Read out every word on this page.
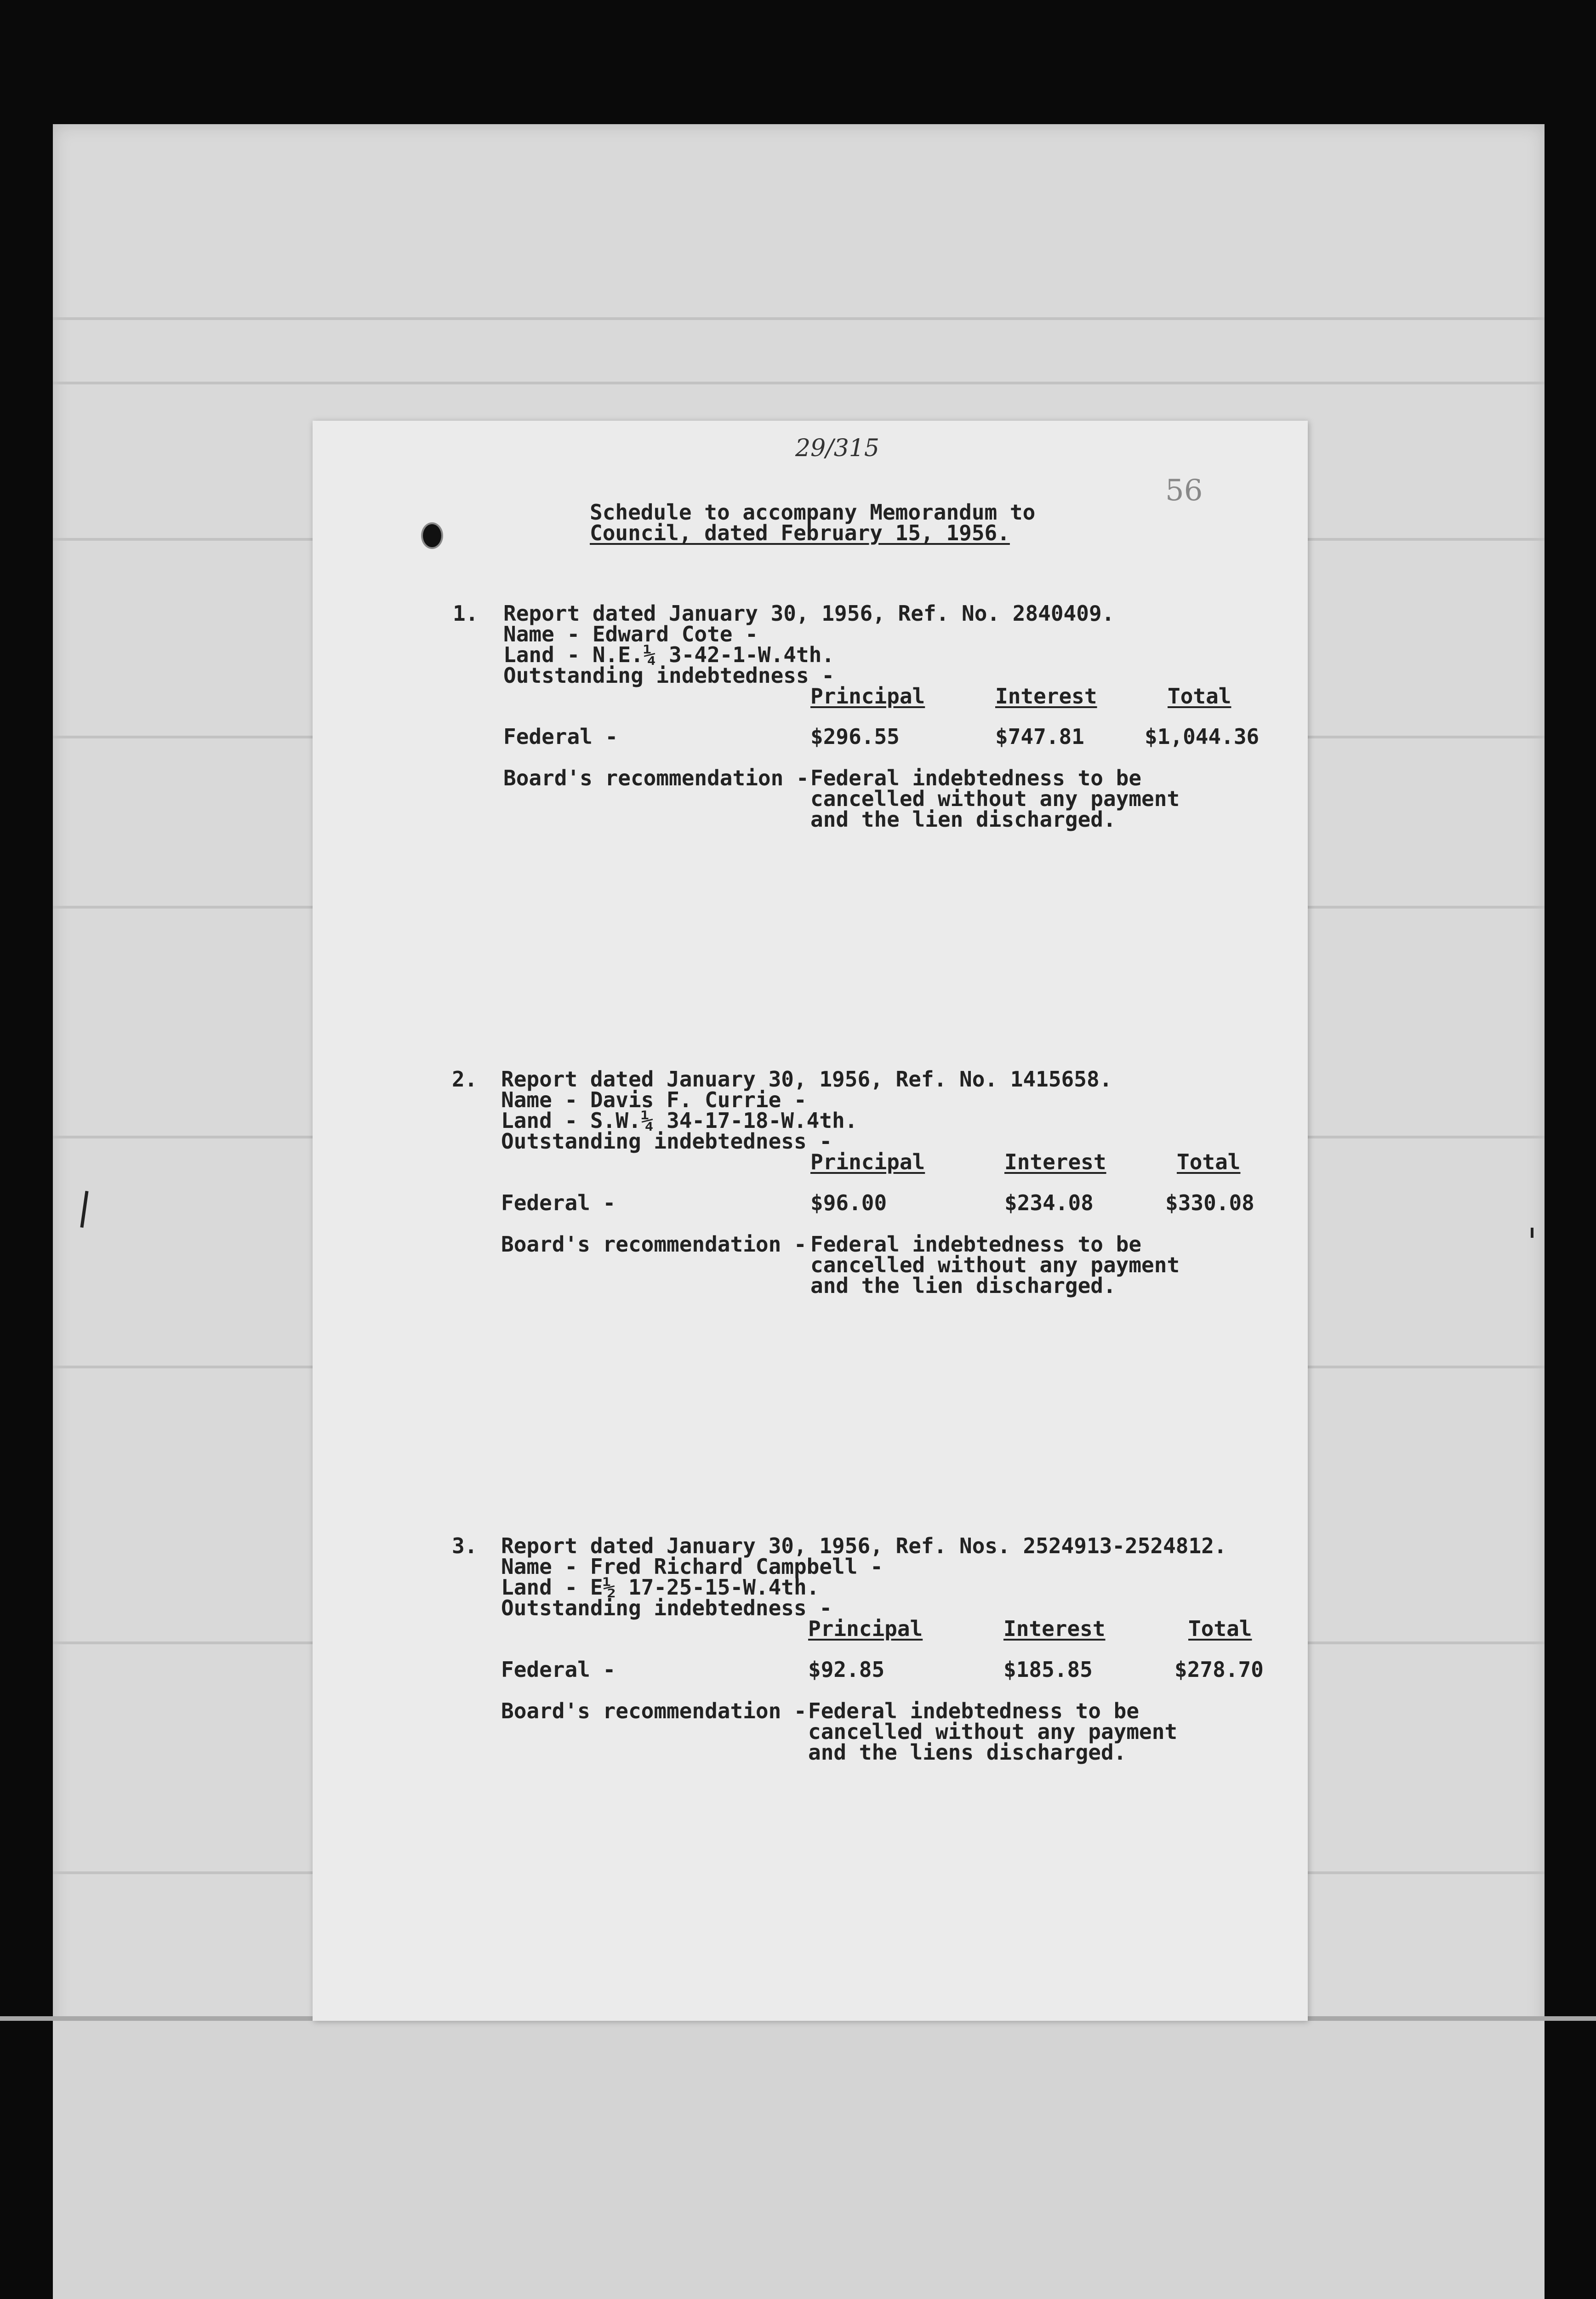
29/315
56
Schedule to accompany Memorandum to
Council, dated February 15, 1956.
1. Report dated January 30, 1956, Ref. No. 2840409.
Name - Edward Cote -
Land - N.E.¼ 3-42-1-W.4th.
Outstanding indebtedness -
Principal	Interest	Total
Federal -	$296.55	$747.81	$1,044.36
Board's recommendation - Federal indebtedness to be
cancelled without any payment
and the lien discharged.
2. Report dated January 30, 1956, Ref. No. 1415658.
Name - Davis F. Currie -
Land - S.W.¼ 34-17-18-W.4th.
Outstanding indebtedness -
Principal	Interest	Total
Federal -	$96.00	$234.08	$330.08
Board's recommendation - Federal indebtedness to be
cancelled without any payment
and the lien discharged.
3. Report dated January 30, 1956, Ref. Nos. 2524913-2524812.
Name - Fred Richard Campbell -
Land - E½ 17-25-15-W.4th.
Outstanding indebtedness -
Principal	Interest	Total
Federal -	$92.85	$185.85	$278.70
Board's recommendation - Federal indebtedness to be
cancelled without any payment
and the liens discharged.
